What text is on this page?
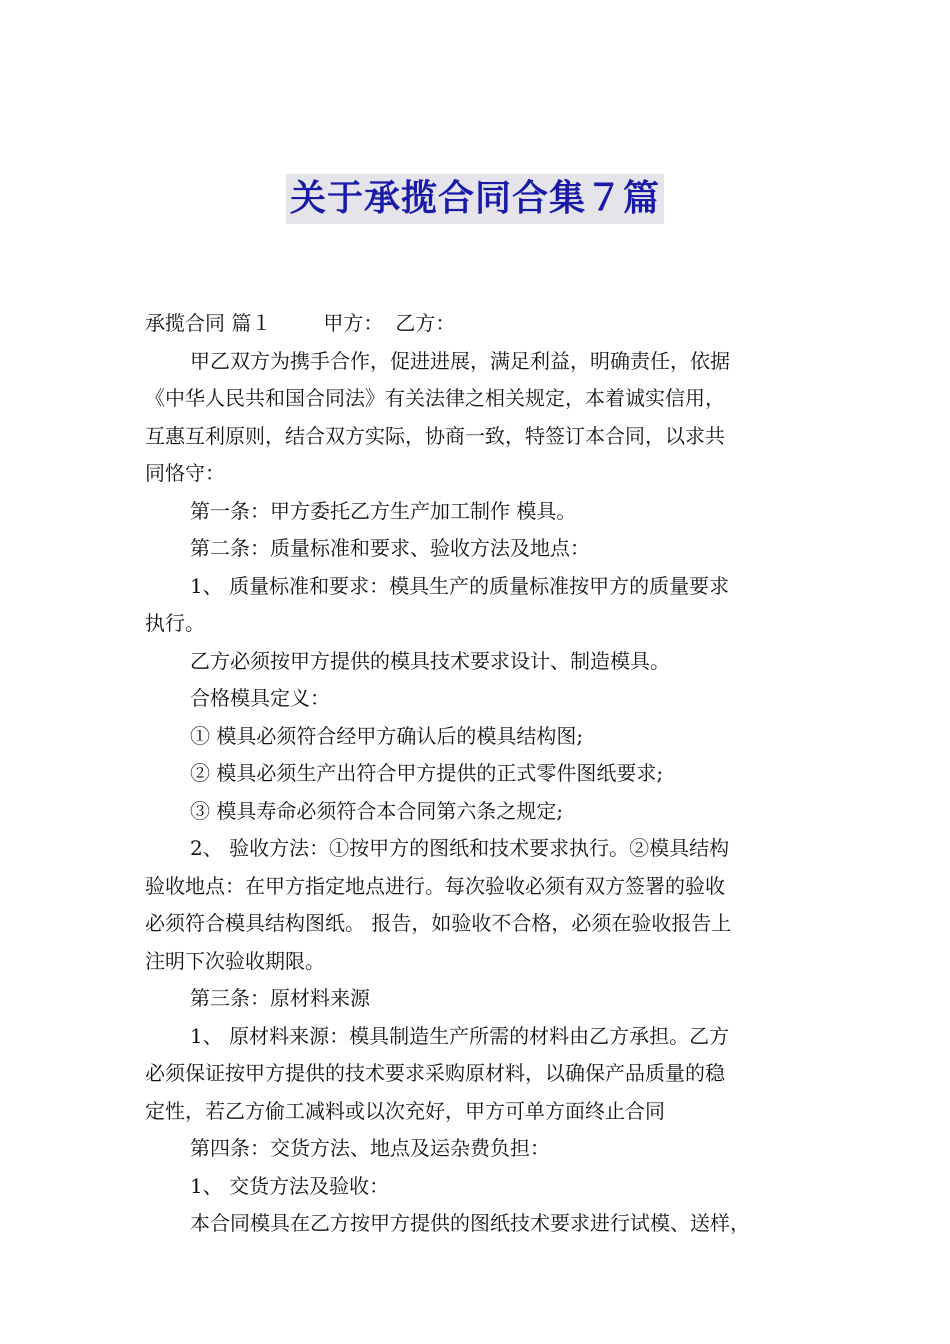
关于承揽合同合集７篇

承揽合同 篇１	甲方： 乙方：

甲乙双方为携手合作，促进进展，满足利益，明确责任，依据

《中华人民共和国合同法》有关法律之相关规定，本着诚实信用，

互惠互利原则，结合双方实际，协商一致，特签订本合同，以求共

同恪守：

第一条：甲方委托乙方生产加工制作 模具。

第二条：质量标准和要求、验收方法及地点：

1、 质量标准和要求：模具生产的质量标准按甲方的质量要求

执行。

乙方必须按甲方提供的模具技术要求设计、制造模具。

合格模具定义：

① 模具必须符合经甲方确认后的模具结构图;

② 模具必须生产出符合甲方提供的正式零件图纸要求;

③ 模具寿命必须符合本合同第六条之规定;

2、 验收方法：①按甲方的图纸和技术要求执行。②模具结构

验收地点：在甲方指定地点进行。每次验收必须有双方签署的验收

必须符合模具结构图纸。 报告，如验收不合格，必须在验收报告上

注明下次验收期限。

第三条：原材料来源

1、 原材料来源：模具制造生产所需的材料由乙方承担。乙方

必须保证按甲方提供的技术要求采购原材料，以确保产品质量的稳

定性，若乙方偷工减料或以次充好，甲方可单方面终止合同

第四条：交货方法、地点及运杂费负担：

1、 交货方法及验收：

本合同模具在乙方按甲方提供的图纸技术要求进行试模、送样，
